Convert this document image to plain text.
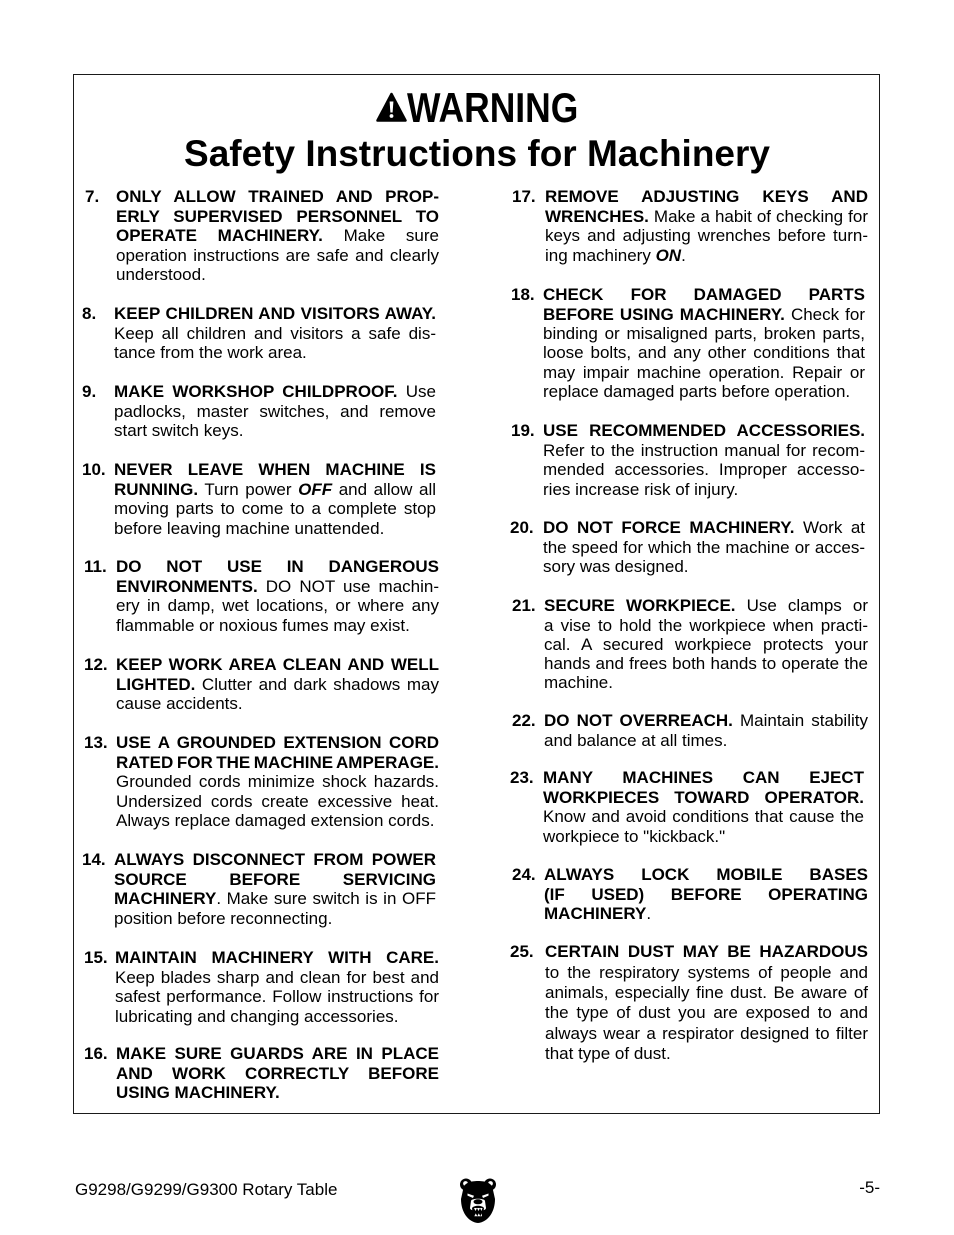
WARNING
Safety Instructions for Machinery
7. ONLY ALLOW TRAINED AND PROP-
ERLY SUPERVISED PERSONNEL TO
OPERATE MACHINERY. Make sure
operation instructions are safe and clearly
understood.
8. KEEP CHILDREN AND VISITORS AWAY.
Keep all children and visitors a safe dis-
tance from the work area.
9. MAKE WORKSHOP CHILDPROOF. Use
padlocks, master switches, and remove
start switch keys.
10. NEVER LEAVE WHEN MACHINE IS
RUNNING. Turn power OFF and allow all
moving parts to come to a complete stop
before leaving machine unattended.
11. DO NOT USE IN DANGEROUS
ENVIRONMENTS. DO NOT use machin-
ery in damp, wet locations, or where any
flammable or noxious fumes may exist.
12. KEEP WORK AREA CLEAN AND WELL
LIGHTED. Clutter and dark shadows may
cause accidents.
13. USE A GROUNDED EXTENSION CORD
RATED FOR THE MACHINE AMPERAGE.
Grounded cords minimize shock hazards.
Undersized cords create excessive heat.
Always replace damaged extension cords.
14. ALWAYS DISCONNECT FROM POWER
SOURCE BEFORE SERVICING
MACHINERY. Make sure switch is in OFF
position before reconnecting.
15. MAINTAIN MACHINERY WITH CARE.
Keep blades sharp and clean for best and
safest performance. Follow instructions for
lubricating and changing accessories.
16. MAKE SURE GUARDS ARE IN PLACE
AND WORK CORRECTLY BEFORE
USING MACHINERY.
17. REMOVE ADJUSTING KEYS AND
WRENCHES. Make a habit of checking for
keys and adjusting wrenches before turn-
ing machinery ON.
18. CHECK FOR DAMAGED PARTS
BEFORE USING MACHINERY. Check for
binding or misaligned parts, broken parts,
loose bolts, and any other conditions that
may impair machine operation. Repair or
replace damaged parts before operation.
19. USE RECOMMENDED ACCESSORIES.
Refer to the instruction manual for recom-
mended accessories. Improper accesso-
ries increase risk of injury.
20. DO NOT FORCE MACHINERY. Work at
the speed for which the machine or acces-
sory was designed.
21. SECURE WORKPIECE. Use clamps or
a vise to hold the workpiece when practi-
cal. A secured workpiece protects your
hands and frees both hands to operate the
machine.
22. DO NOT OVERREACH. Maintain stability
and balance at all times.
23. MANY MACHINES CAN EJECT
WORKPIECES TOWARD OPERATOR.
Know and avoid conditions that cause the
workpiece to "kickback."
24. ALWAYS LOCK MOBILE BASES
(IF USED) BEFORE OPERATING
MACHINERY.
25. CERTAIN DUST MAY BE HAZARDOUS
to the respiratory systems of people and
animals, especially fine dust. Be aware of
the type of dust you are exposed to and
always wear a respirator designed to filter
that type of dust.
G9298/G9299/G9300 Rotary Table	-5-
